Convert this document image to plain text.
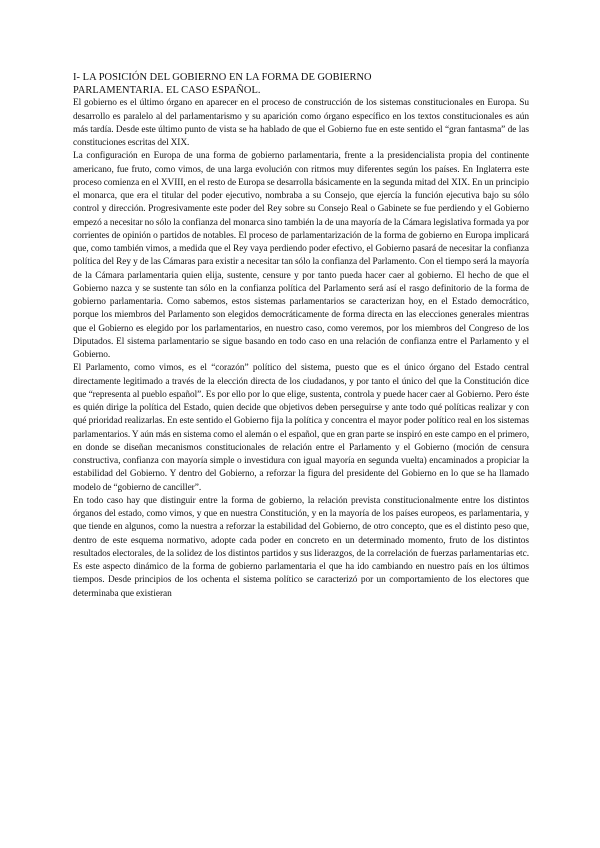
I- LA POSICIÓN DEL GOBIERNO EN LA FORMA DE GOBIERNO
PARLAMENTARIA. EL CASO ESPAÑOL.

El gobierno es el último órgano en aparecer en el proceso de construcción de los sistemas constitucionales en Europa. Su desarrollo es paralelo al del parlamentarismo y su aparición como órgano específico en los textos constitucionales es aún más tardía. Desde este último punto de vista se ha hablado de que el Gobierno fue en este sentido el “gran fantasma” de las constituciones escritas del XIX.

La configuración en Europa de una forma de gobierno parlamentaria, frente a la presidencialista propia del continente americano, fue fruto, como vimos, de una larga evolución con ritmos muy diferentes según los países. En Inglaterra este proceso comienza en el XVIII, en el resto de Europa se desarrolla básicamente en la segunda mitad del XIX. En un principio el monarca, que era el titular del poder ejecutivo, nombraba a su Consejo, que ejercía la función ejecutiva bajo su sólo control y dirección. Progresivamente este poder del Rey sobre su Consejo Real o Gabinete se fue perdiendo y el Gobierno empezó a necesitar no sólo la confianza del monarca sino también la de una mayoría de la Cámara legislativa formada ya por corrientes de opinión o partidos de notables. El proceso de parlamentarización de la forma de gobierno en Europa implicará que, como también vimos, a medida que el Rey vaya perdiendo poder efectivo, el Gobierno pasará de necesitar la confianza política del Rey y de las Cámaras para existir a necesitar tan sólo la confianza del Parlamento. Con el tiempo será la mayoría de la Cámara parlamentaria quien elija, sustente, censure y por tanto pueda hacer caer al gobierno. El hecho de que el Gobierno nazca y se sustente tan sólo en la confianza política del Parlamento será así el rasgo definitorio de la forma de gobierno parlamentaria. Como sabemos, estos sistemas parlamentarios se caracterizan hoy, en el Estado democrático, porque los miembros del Parlamento son elegidos democráticamente de forma directa en las elecciones generales mientras que el Gobierno es elegido por los parlamentarios, en nuestro caso, como veremos, por los miembros del Congreso de los Diputados. El sistema parlamentario se sigue basando en todo caso en una relación de confianza entre el Parlamento y el Gobierno.

El Parlamento, como vimos, es el “corazón” político del sistema, puesto que es el único órgano del Estado central directamente legitimado a través de la elección directa de los ciudadanos, y por tanto el único del que la Constitución dice que “representa al pueblo español”. Es por ello por lo que elige, sustenta, controla y puede hacer caer al Gobierno. Pero éste es quién dirige la política del Estado, quien decide que objetivos deben perseguirse y ante todo qué políticas realizar y con qué prioridad realizarlas. En este sentido el Gobierno fija la política y concentra el mayor poder político real en los sistemas parlamentarios. Y aún más en sistema como el alemán o el español, que en gran parte se inspiró en este campo en el primero, en donde se diseñan mecanismos constitucionales de relación entre el Parlamento y el Gobierno (moción de censura constructiva, confianza con mayoría simple o investidura con igual mayoría en segunda vuelta) encaminados a propiciar la estabilidad del Gobierno. Y dentro del Gobierno, a reforzar la figura del presidente del Gobierno en lo que se ha llamado modelo de “gobierno de canciller”.

En todo caso hay que distinguir entre la forma de gobierno, la relación prevista constitucionalmente entre los distintos órganos del estado, como vimos, y que en nuestra Constitución, y en la mayoría de los países europeos, es parlamentaria, y que tiende en algunos, como la nuestra a reforzar la estabilidad del Gobierno, de otro concepto, que es el distinto peso que, dentro de este esquema normativo, adopte cada poder en concreto en un determinado momento, fruto de los distintos resultados electorales, de la solidez de los distintos partidos y sus liderazgos, de la correlación de fuerzas parlamentarias etc. Es este aspecto dinámico de la forma de gobierno parlamentaria el que ha ido cambiando en nuestro país en los últimos tiempos. Desde principios de los ochenta el sistema político se caracterizó por un comportamiento de los electores que determinaba que existieran
